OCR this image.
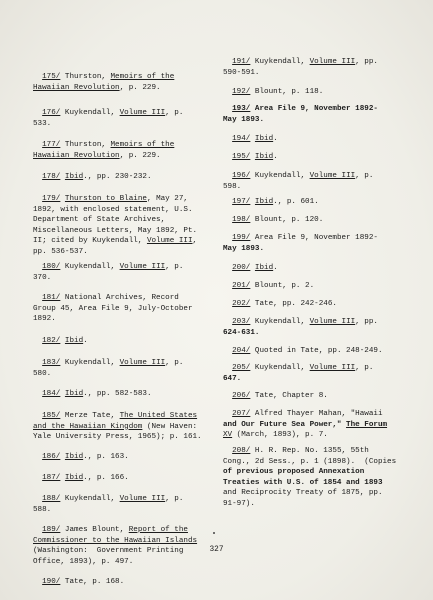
175/ Thurston, Memoirs of the
Hawaiian Revolution, p. 229.
176/ Kuykendall, Volume III, p.
533.
177/ Thurston, Memoirs of the
Hawaiian Revolution, p. 229.
178/ Ibid., pp. 230-232.
179/ Thurston to Blaine, May 27,
1892, with enclosed statement, U.S.
Department of State Archives,
Miscellaneous Letters, May 1892, Pt.
II; cited by Kuykendall, Volume III,
pp. 536-537.
180/ Kuykendall, Volume III, p.
370.
181/ National Archives, Record
Group 45, Area File 9, July-October
1892.
182/ Ibid.
183/ Kuykendall, Volume III, p.
580.
184/ Ibid., pp. 582-583.
185/ Merze Tate, The United States
and the Hawaiian Kingdom (New Haven:
Yale University Press, 1965); p. 161.
186/ Ibid., p. 163.
187/ Ibid., p. 166.
188/ Kuykendall, Volume III, p.
588.
189/ James Blount, Report of the
Commissioner to the Hawaiian Islands
(Washington:  Government Printing
Office, 1893), p. 497.
190/ Tate, p. 168.
191/ Kuykendall, Volume III, pp.
590-591.
192/ Blount, p. 118.
193/ Area File 9, November 1892-
May 1893.
194/ Ibid.
195/ Ibid.
196/ Kuykendall, Volume III, p.
598.
197/ Ibid., p. 601.
198/ Blount, p. 120.
199/ Area File 9, November 1892-
May 1893.
200/ Ibid.
201/ Blount, p. 2.
202/ Tate, pp. 242-246.
203/ Kuykendall, Volume III, pp.
624-631.
204/ Quoted in Tate, pp. 248-249.
205/ Kuykendall, Volume III, p.
647.
206/ Tate, Chapter 8.
207/ Alfred Thayer Mahan, "Hawaii
and Our Future Sea Power," The Forum
XV (March, 1893), p. 7.
208/ H. R. Rep. No. 1355, 55th
Cong., 2d Sess., p. 1 (1898).  (Copies
of previous proposed Annexation
Treaties with U.S. of 1854 and 1893
and Reciprocity Treaty of 1875, pp.
91-97).
327
